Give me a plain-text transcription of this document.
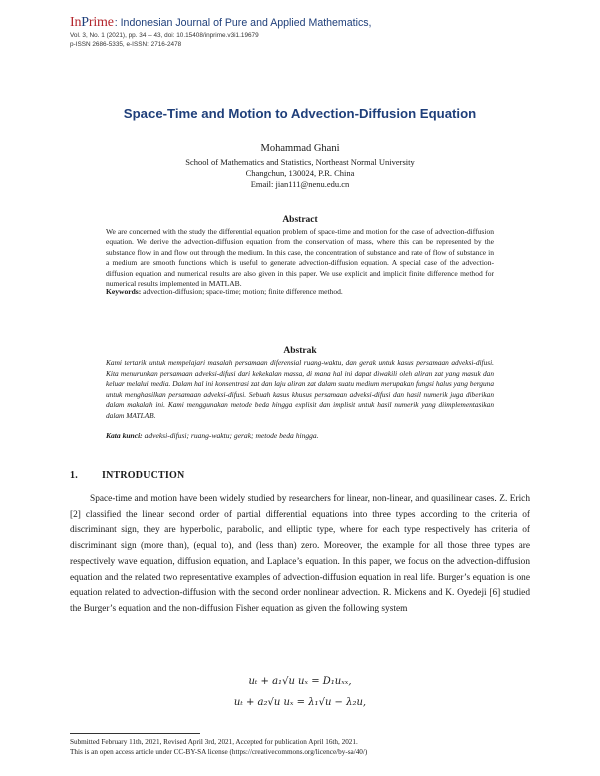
InPrime : Indonesian Journal of Pure and Applied Mathematics,
Vol. 3, No. 1 (2021), pp. 34 – 43, doi: 10.15408/inprime.v3i1.19679
p-ISSN 2686-5335, e-ISSN: 2716-2478
Space-Time and Motion to Advection-Diffusion Equation
Mohammad Ghani
School of Mathematics and Statistics, Northeast Normal University
Changchun, 130024, P.R. China
Email: jian111@nenu.edu.cn
Abstract
We are concerned with the study the differential equation problem of space-time and motion for the case of advection-diffusion equation. We derive the advection-diffusion equation from the conservation of mass, where this can be represented by the substance flow in and flow out through the medium. In this case, the concentration of substance and rate of flow of substance in a medium are smooth functions which is useful to generate advection-diffusion equation. A special case of the advection-diffusion equation and numerical results are also given in this paper. We use explicit and implicit finite difference method for numerical results implemented in MATLAB.
Keywords: advection-diffusion; space-time; motion; finite difference method.
Abstrak
Kami tertarik untuk mempelajari masalah persamaan diferensial ruang-waktu, dan gerak untuk kasus persamaan adveksi-difusi. Kita menurunkan persamaan adveksi-difusi dari kekekalan massa, di mana hal ini dapat diwakili oleh aliran zat yang masuk dan keluar melalui media. Dalam hal ini konsentrasi zat dan laju aliran zat dalam suatu medium merupakan fungsi halus yang berguna untuk menghasilkan persamaan adveksi-difusi. Sebuah kasus khusus persamaan adveksi-difusi dan hasil numerik juga diberikan dalam makalah ini. Kami menggunakan metode beda hingga explisit dan implisit untuk hasil numerik yang diimplementasikan dalam MATLAB.
Kata kunci: adveksi-difusi; ruang-waktu; gerak; metode beda hingga.
1. INTRODUCTION
Space-time and motion have been widely studied by researchers for linear, non-linear, and quasilinear cases. Z. Erich [2] classified the linear second order of partial differential equations into three types according to the criteria of discriminant sign, they are hyperbolic, parabolic, and elliptic type, where for each type respectively has criteria of discriminant sign (more than), (equal to), and (less than) zero. Moreover, the example for all those three types are respectively wave equation, diffusion equation, and Laplace’s equation. In this paper, we focus on the advection-diffusion equation and the related two representative examples of advection-diffusion equation in real life. Burger’s equation is one equation related to advection-diffusion with the second order nonlinear advection. R. Mickens and K. Oyedeji [6] studied the Burger’s equation and the non-diffusion Fisher equation as given the following system
uₜ + a₁√u uₓ = D₁uₓₓ,
uₜ + a₂√u uₓ = λ₁√u − λ₂u,
Submitted February 11th, 2021, Revised April 3rd, 2021, Accepted for publication April 16th, 2021.
This is an open access article under CC-BY-SA license (https://creativecommons.org/licence/by-sa/40/)
